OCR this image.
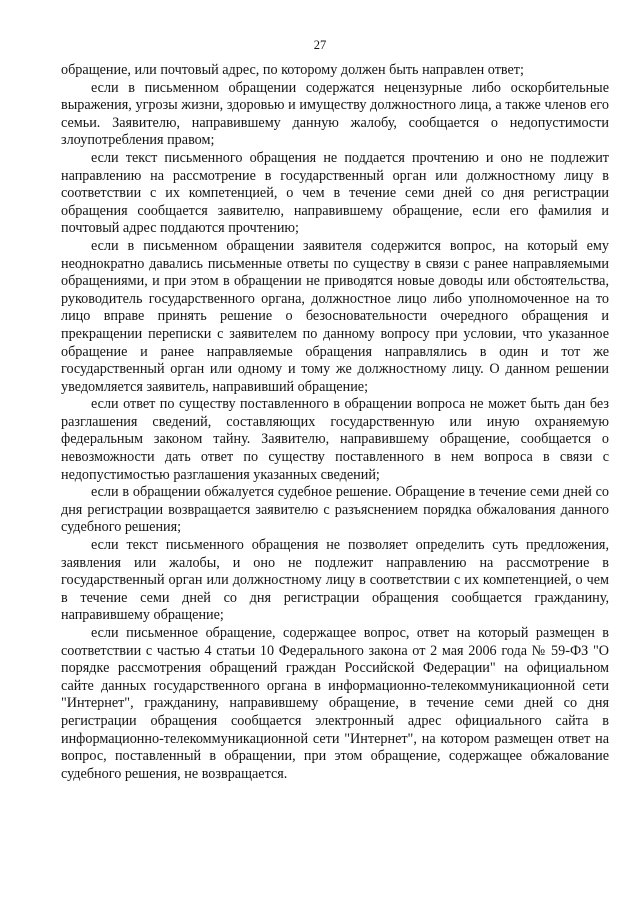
27

обращение, или почтовый адрес, по которому должен быть направлен ответ;

если в письменном обращении содержатся нецензурные либо оскорбительные выражения, угрозы жизни, здоровью и имуществу должностного лица, а также членов его семьи. Заявителю, направившему данную жалобу, сообщается о недопустимости злоупотребления правом;

если текст письменного обращения не поддается прочтению и оно не подлежит направлению на рассмотрение в государственный орган или должностному лицу в соответствии с их компетенцией, о чем в течение семи дней со дня регистрации обращения сообщается заявителю, направившему обращение, если его фамилия и почтовый адрес поддаются прочтению;

если в письменном обращении заявителя содержится вопрос, на который ему неоднократно давались письменные ответы по существу в связи с ранее направляемыми обращениями, и при этом в обращении не приводятся новые доводы или обстоятельства, руководитель государственного органа, должностное лицо либо уполномоченное на то лицо вправе принять решение о безосновательности очередного обращения и прекращении переписки с заявителем по данному вопросу при условии, что указанное обращение и ранее направляемые обращения направлялись в один и тот же государственный орган или одному и тому же должностному лицу. О данном решении уведомляется заявитель, направивший обращение;

если ответ по существу поставленного в обращении вопроса не может быть дан без разглашения сведений, составляющих государственную или иную охраняемую федеральным законом тайну. Заявителю, направившему обращение, сообщается о невозможности дать ответ по существу поставленного в нем вопроса в связи с недопустимостью разглашения указанных сведений;

если в обращении обжалуется судебное решение. Обращение в течение семи дней со дня регистрации возвращается заявителю с разъяснением порядка обжалования данного судебного решения;

если текст письменного обращения не позволяет определить суть предложения, заявления или жалобы, и оно не подлежит направлению на рассмотрение в государственный орган или должностному лицу в соответствии с их компетенцией, о чем в течение семи дней со дня регистрации обращения сообщается гражданину, направившему обращение;

если письменное обращение, содержащее вопрос, ответ на который размещен в соответствии с частью 4 статьи 10 Федерального закона от 2 мая 2006 года № 59-ФЗ "О порядке рассмотрения обращений граждан Российской Федерации" на официальном сайте данных государственного органа в информационно-телекоммуникационной сети "Интернет", гражданину, направившему обращение, в течение семи дней со дня регистрации обращения сообщается электронный адрес официального сайта в информационно-телекоммуникационной сети "Интернет", на котором размещен ответ на вопрос, поставленный в обращении, при этом обращение, содержащее обжалование судебного решения, не возвращается.
